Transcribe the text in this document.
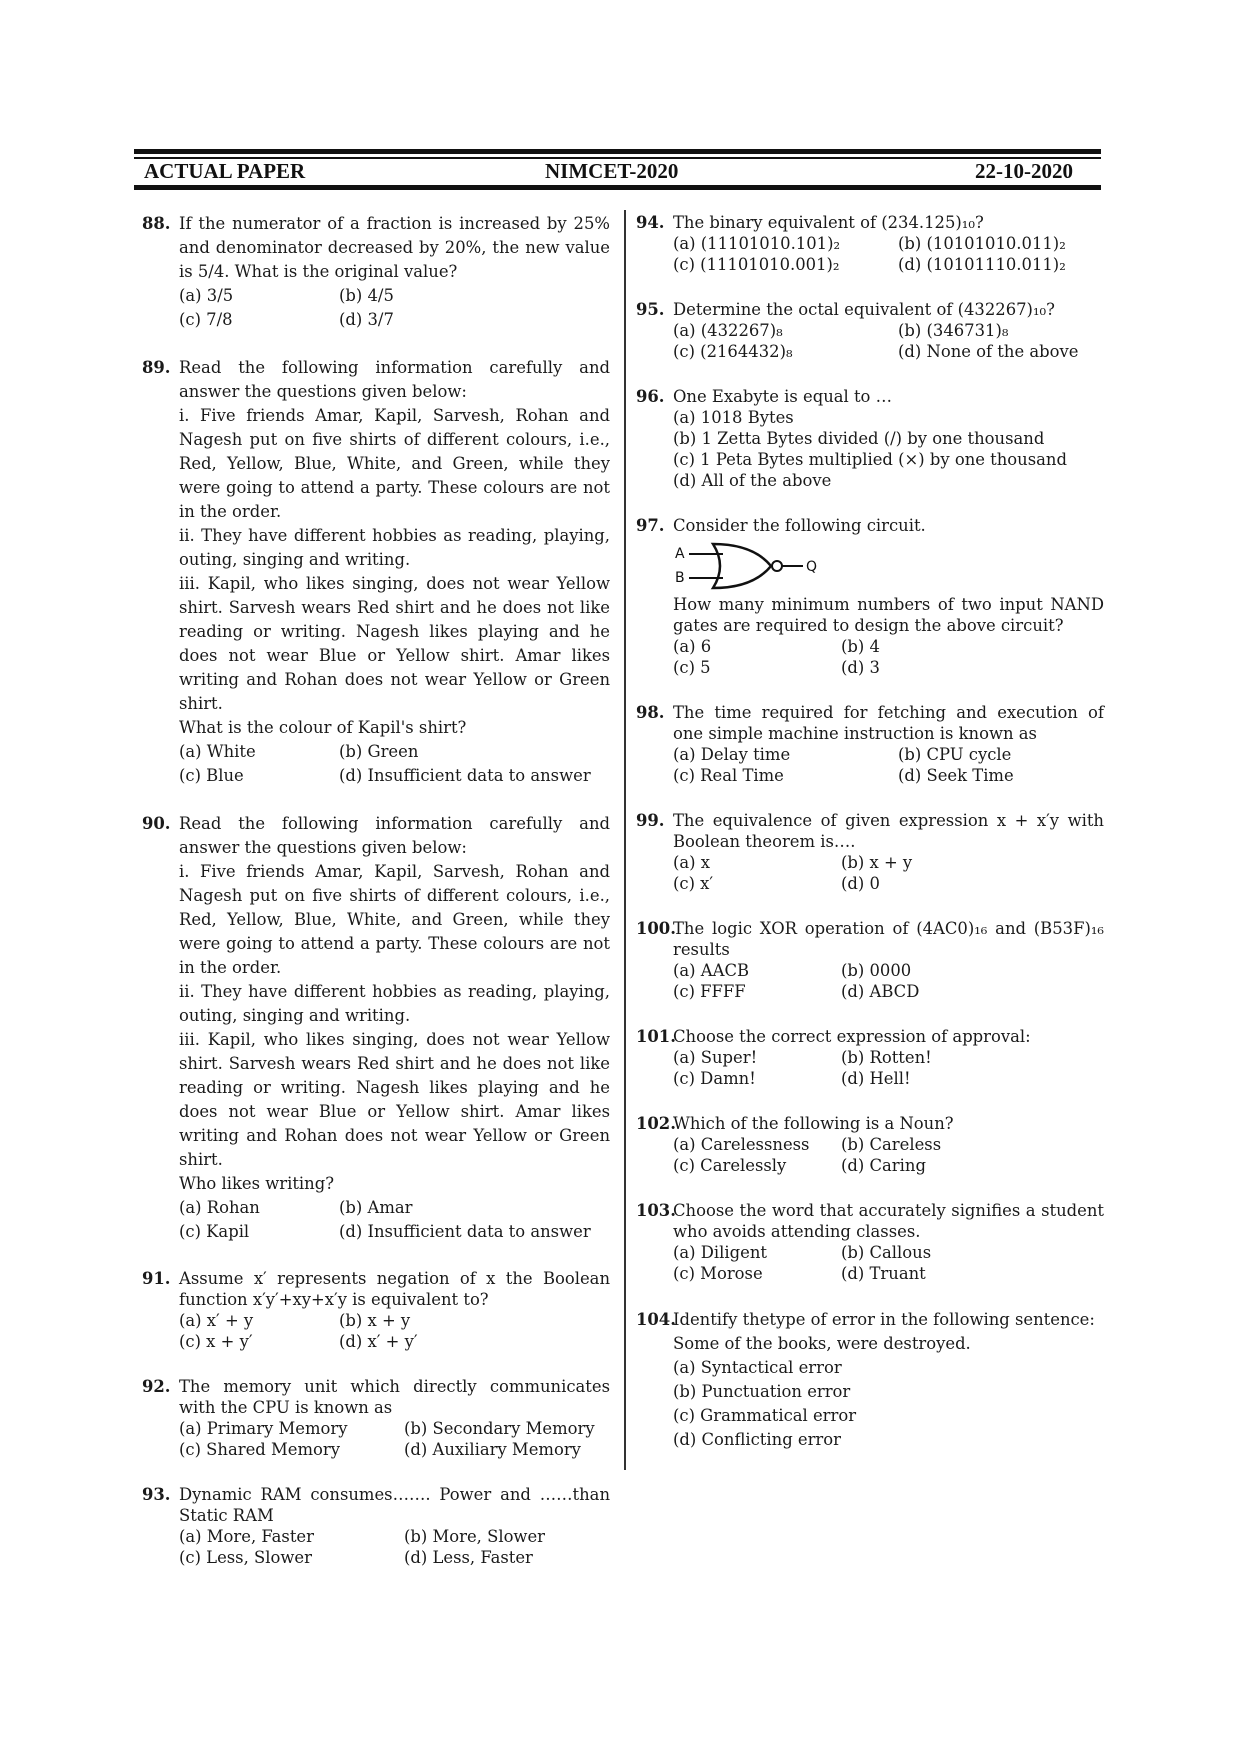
ACTUAL PAPER	NIMCET-2020	22-10-2020
88. If the numerator of a fraction is increased by 25% and denominator decreased by 20%, the new value is 5/4. What is the original value?
(a) 3/5	(b) 4/5
(c) 7/8	(d) 3/7
89. Read the following information carefully and answer the questions given below:
i. Five friends Amar, Kapil, Sarvesh, Rohan and Nagesh put on five shirts of different colours, i.e., Red, Yellow, Blue, White, and Green, while they were going to attend a party. These colours are not in the order.
ii. They have different hobbies as reading, playing, outing, singing and writing.
iii. Kapil, who likes singing, does not wear Yellow shirt. Sarvesh wears Red shirt and he does not like reading or writing. Nagesh likes playing and he does not wear Blue or Yellow shirt. Amar likes writing and Rohan does not wear Yellow or Green shirt.
What is the colour of Kapil's shirt?
(a) White	(b) Green
(c) Blue	(d) Insufficient data to answer
90. Read the following information carefully and answer the questions given below:
i. Five friends Amar, Kapil, Sarvesh, Rohan and Nagesh put on five shirts of different colours, i.e., Red, Yellow, Blue, White, and Green, while they were going to attend a party. These colours are not in the order.
ii. They have different hobbies as reading, playing, outing, singing and writing.
iii. Kapil, who likes singing, does not wear Yellow shirt. Sarvesh wears Red shirt and he does not like reading or writing. Nagesh likes playing and he does not wear Blue or Yellow shirt. Amar likes writing and Rohan does not wear Yellow or Green shirt.
Who likes writing?
(a) Rohan	(b) Amar
(c) Kapil	(d) Insufficient data to answer
91. Assume x′ represents negation of x the Boolean function x′y′+xy+x′y is equivalent to?
(a) x′ + y	(b) x + y
(c) x + y′	(d) x′ + y′
92. The memory unit which directly communicates with the CPU is known as
(a) Primary Memory	(b) Secondary Memory
(c) Shared Memory	(d) Auxiliary Memory
93. Dynamic RAM consumes……. Power and ……than Static RAM
(a) More, Faster	(b) More, Slower
(c) Less, Slower	(d) Less, Faster
94. The binary equivalent of (234.125)₁₀?
(a) (11101010.101)₂	(b) (10101010.011)₂
(c) (11101010.001)₂	(d) (10101110.011)₂
95. Determine the octal equivalent of (432267)₁₀?
(a) (432267)₈	(b) (346731)₈
(c) (2164432)₈	(d) None of the above
96. One Exabyte is equal to …
(a) 1018 Bytes
(b) 1 Zetta Bytes divided (/) by one thousand
(c) 1 Peta Bytes multiplied (×) by one thousand
(d) All of the above
97. Consider the following circuit.
A
B
Q
How many minimum numbers of two input NAND gates are required to design the above circuit?
(a) 6	(b) 4
(c) 5	(d) 3
98. The time required for fetching and execution of one simple machine instruction is known as
(a) Delay time	(b) CPU cycle
(c) Real Time	(d) Seek Time
99. The equivalence of given expression x + x′y with Boolean theorem is….
(a) x	(b) x + y
(c) x′	(d) 0
100.
The logic XOR operation of (4AC0)₁₆ and (B53F)₁₆ results
(a) AACB	(b) 0000
(c) FFFF	(d) ABCD
101.
Choose the correct expression of approval:
(a) Super!	(b) Rotten!
(c) Damn!	(d) Hell!
102.
Which of the following is a Noun?
(a) Carelessness	(b) Careless
(c) Carelessly	(d) Caring
103.
Choose the word that accurately signifies a student who avoids attending classes.
(a) Diligent	(b) Callous
(c) Morose	(d) Truant
104.
Identify thetype of error in the following sentence:
Some of the books, were destroyed.
(a) Syntactical error
(b) Punctuation error
(c) Grammatical error
(d) Conflicting error
